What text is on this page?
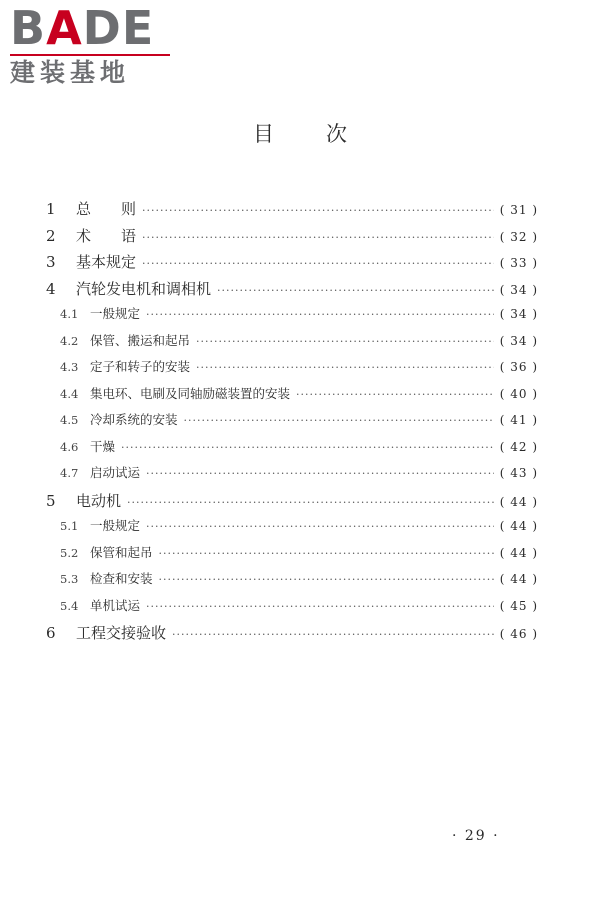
BADE
建装基地
目次
1	总　　则 ·····	( 31 )
2	术　　语 ·····	( 32 )
3	基本规定 ·····	( 33 )
4	汽轮发电机和调相机 ·····	( 34 )
4.1 一般规定 ·····	( 34 )
4.2 保管、搬运和起吊 ·····	( 34 )
4.3 定子和转子的安装 ·····	( 36 )
4.4 集电环、电刷及同轴励磁装置的安装 ·····	( 40 )
4.5 冷却系统的安装 ·····	( 41 )
4.6 干燥 ·····	( 42 )
4.7 启动试运 ·····	( 43 )
5	电动机 ·····	( 44 )
5.1 一般规定 ·····	( 44 )
5.2 保管和起吊 ·····	( 44 )
5.3 检查和安装 ·····	( 44 )
5.4 单机试运 ·····	( 45 )
6	工程交接验收 ·····	( 46 )
· 29 ·
